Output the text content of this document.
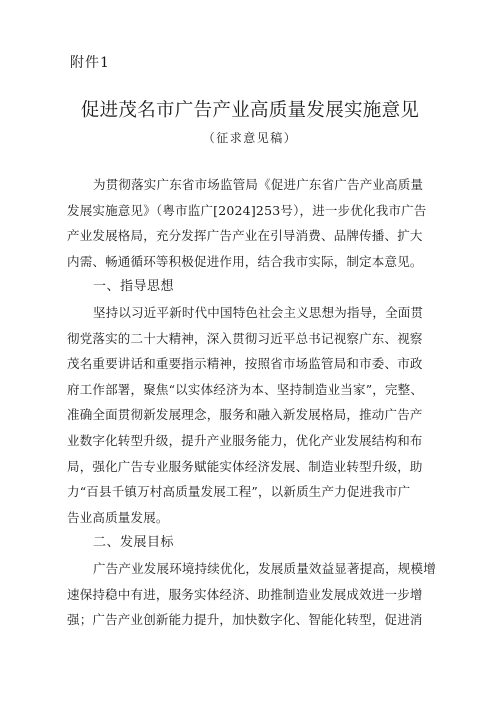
附件1
促进茂名市广告产业高质量发展实施意见
（征求意见稿）
为贯彻落实广东省市场监管局《促进广东省广告产业高质量
发展实施意见》（粤市监广[2024]253号），进一步优化我市广告
产业发展格局，充分发挥广告产业在引导消费、品牌传播、扩大
内需、畅通循环等积极促进作用，结合我市实际，制定本意见。
一、指导思想
坚持以习近平新时代中国特色社会主义思想为指导，全面贯
彻党落实的二十大精神，深入贯彻习近平总书记视察广东、视察
茂名重要讲话和重要指示精神，按照省市场监管局和市委、市政
府工作部署，聚焦“以实体经济为本、坚持制造业当家”，完整、
准确全面贯彻新发展理念，服务和融入新发展格局，推动广告产
业数字化转型升级，提升产业服务能力，优化产业发展结构和布
局，强化广告专业服务赋能实体经济发展、制造业转型升级，助
力“百县千镇万村高质量发展工程”，以新质生产力促进我市广
告业高质量发展。
二、发展目标
广告产业发展环境持续优化，发展质量效益显著提高，规模增
速保持稳中有进，服务实体经济、助推制造业发展成效进一步增
强；广告产业创新能力提升，加快数字化、智能化转型，促进消
